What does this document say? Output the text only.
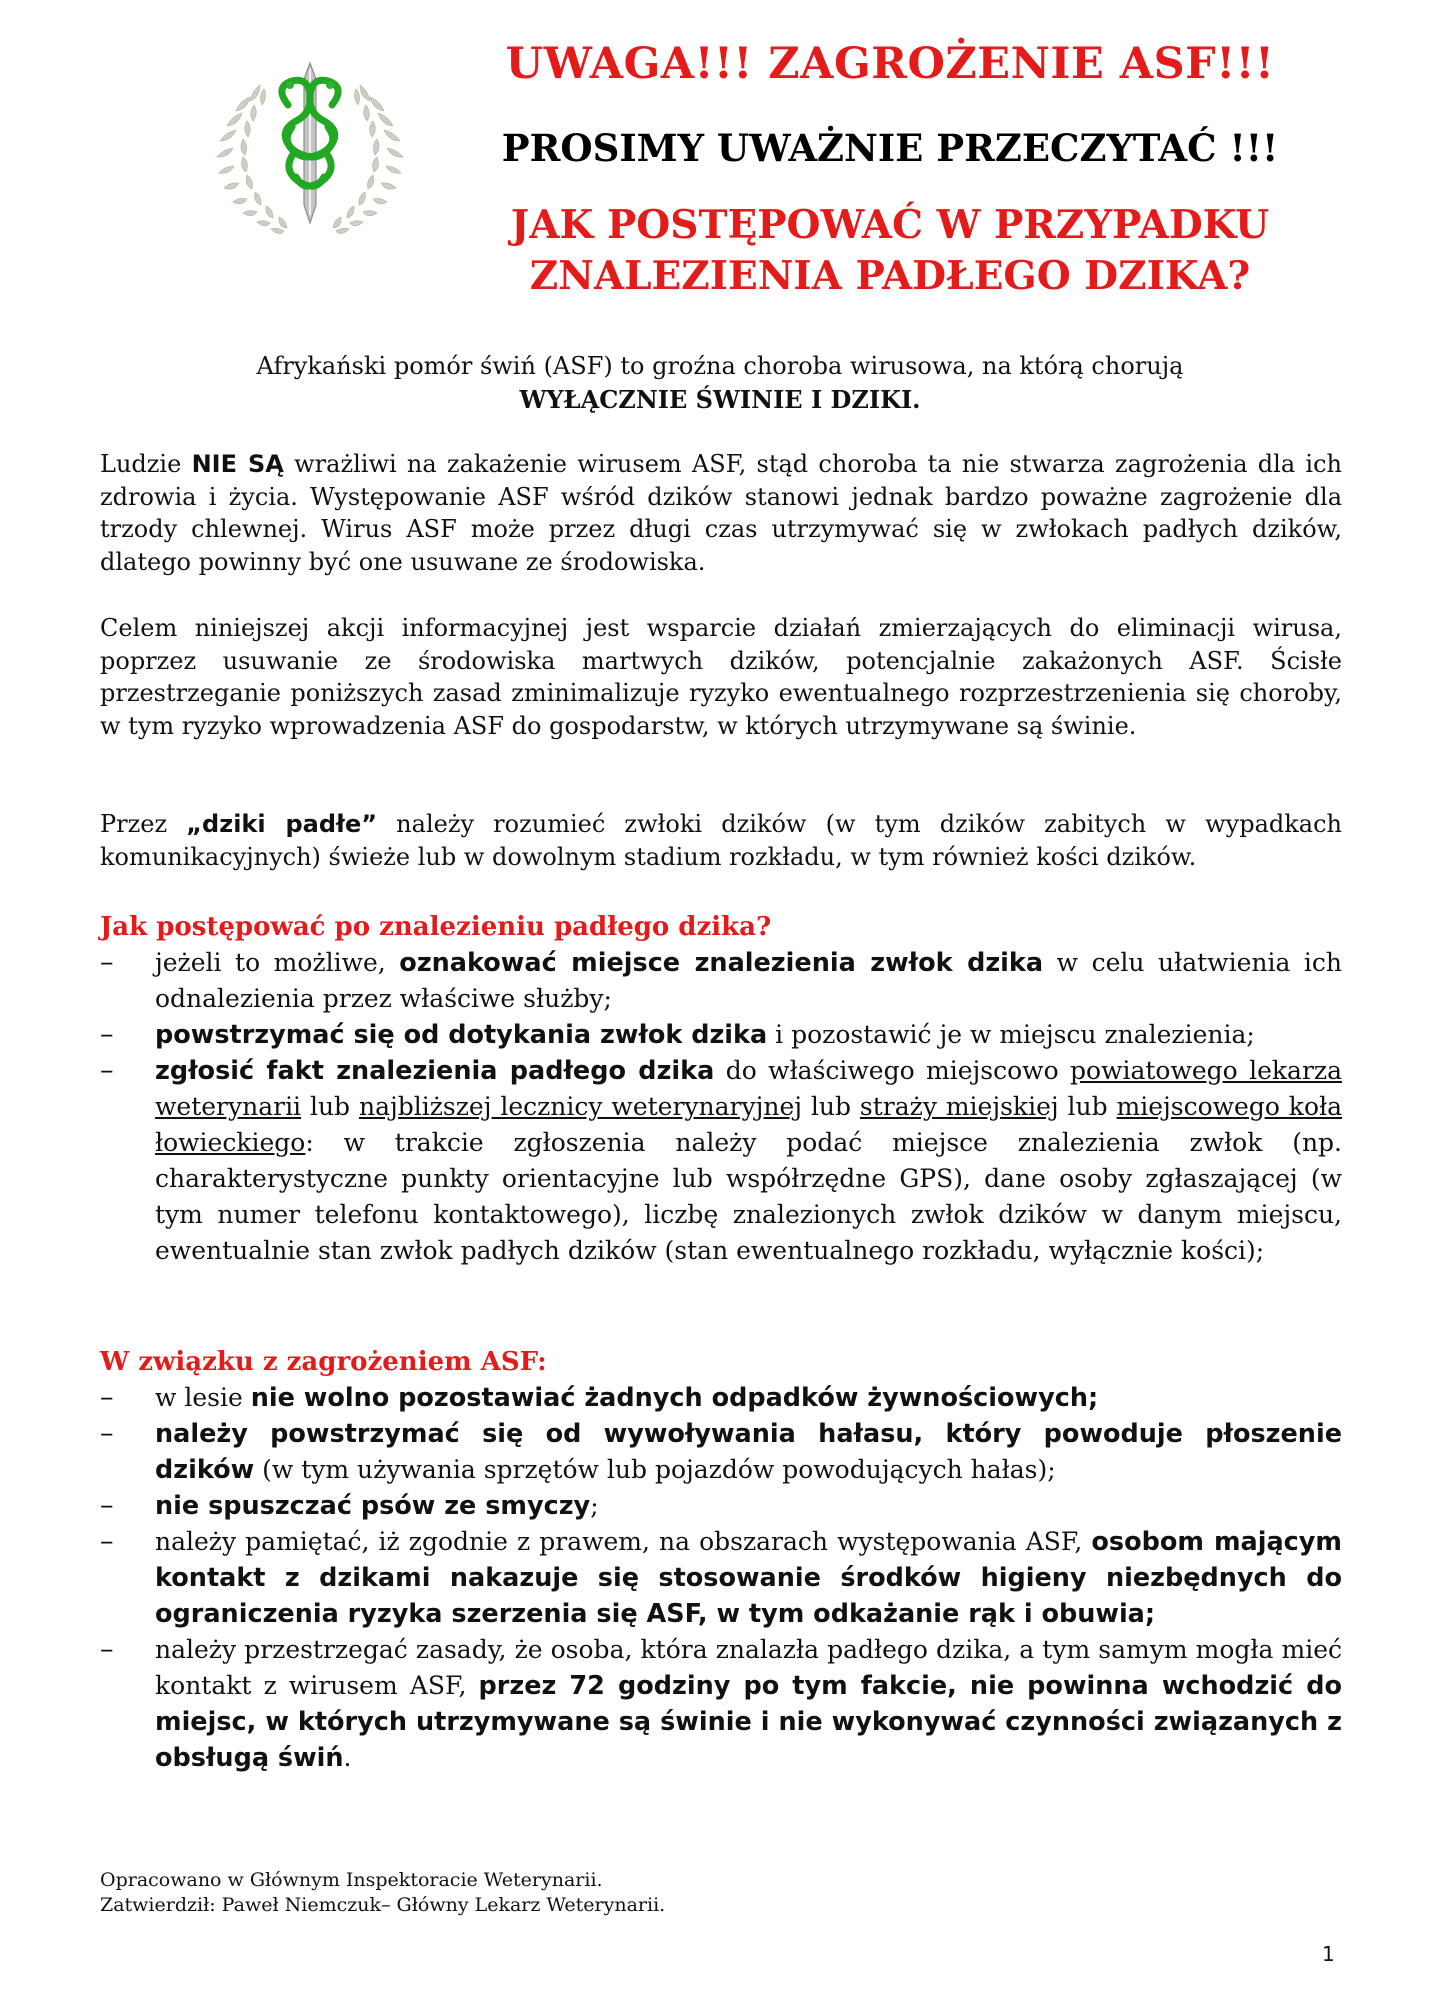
UWAGA!!! ZAGROŻENIE ASF!!!

PROSIMY UWAŻNIE PRZECZYTAĆ !!!

JAK POSTĘPOWAĆ W PRZYPADKU
ZNALEZIENIA PADŁEGO DZIKA?

Afrykański pomór świń (ASF) to groźna choroba wirusowa, na którą chorują
WYŁĄCZNIE ŚWINIE I DZIKI.

Ludzie NIE SĄ wrażliwi na zakażenie wirusem ASF, stąd choroba ta nie stwarza zagrożenia dla ich zdrowia i życia. Występowanie ASF wśród dzików stanowi jednak bardzo poważne zagrożenie dla trzody chlewnej. Wirus ASF może przez długi czas utrzymywać się w zwłokach padłych dzików, dlatego powinny być one usuwane ze środowiska.

Celem niniejszej akcji informacyjnej jest wsparcie działań zmierzających do eliminacji wirusa, poprzez usuwanie ze środowiska martwych dzików, potencjalnie zakażonych ASF. Ścisłe przestrzeganie poniższych zasad zminimalizuje ryzyko ewentualnego rozprzestrzenienia się choroby, w tym ryzyko wprowadzenia ASF do gospodarstw, w których utrzymywane są świnie.

Przez „dziki padłe” należy rozumieć zwłoki dzików (w tym dzików zabitych w wypadkach komunikacyjnych) świeże lub w dowolnym stadium rozkładu, w tym również kości dzików.

Jak postępować po znalezieniu padłego dzika?

– jeżeli to możliwe, oznakować miejsce znalezienia zwłok dzika w celu ułatwienia ich odnalezienia przez właściwe służby;
– powstrzymać się od dotykania zwłok dzika i pozostawić je w miejscu znalezienia;
– zgłosić fakt znalezienia padłego dzika do właściwego miejscowo powiatowego lekarza weterynarii lub najbliższej lecznicy weterynaryjnej lub straży miejskiej lub miejscowego koła łowieckiego: w trakcie zgłoszenia należy podać miejsce znalezienia zwłok (np. charakterystyczne punkty orientacyjne lub współrzędne GPS), dane osoby zgłaszającej (w tym numer telefonu kontaktowego), liczbę znalezionych zwłok dzików w danym miejscu, ewentualnie stan zwłok padłych dzików (stan ewentualnego rozkładu, wyłącznie kości);

W związku z zagrożeniem ASF:

– w lesie nie wolno pozostawiać żadnych odpadków żywnościowych;
– należy powstrzymać się od wywoływania hałasu, który powoduje płoszenie dzików (w tym używania sprzętów lub pojazdów powodujących hałas);
– nie spuszczać psów ze smyczy;
– należy pamiętać, iż zgodnie z prawem, na obszarach występowania ASF, osobom mającym kontakt z dzikami nakazuje się stosowanie środków higieny niezbędnych do ograniczenia ryzyka szerzenia się ASF, w tym odkażanie rąk i obuwia;
– należy przestrzegać zasady, że osoba, która znalazła padłego dzika, a tym samym mogła mieć kontakt z wirusem ASF, przez 72 godziny po tym fakcie, nie powinna wchodzić do miejsc, w których utrzymywane są świnie i nie wykonywać czynności związanych z obsługą świń.

Opracowano w Głównym Inspektoracie Weterynarii.
Zatwierdził: Paweł Niemczuk– Główny Lekarz Weterynarii.

1
